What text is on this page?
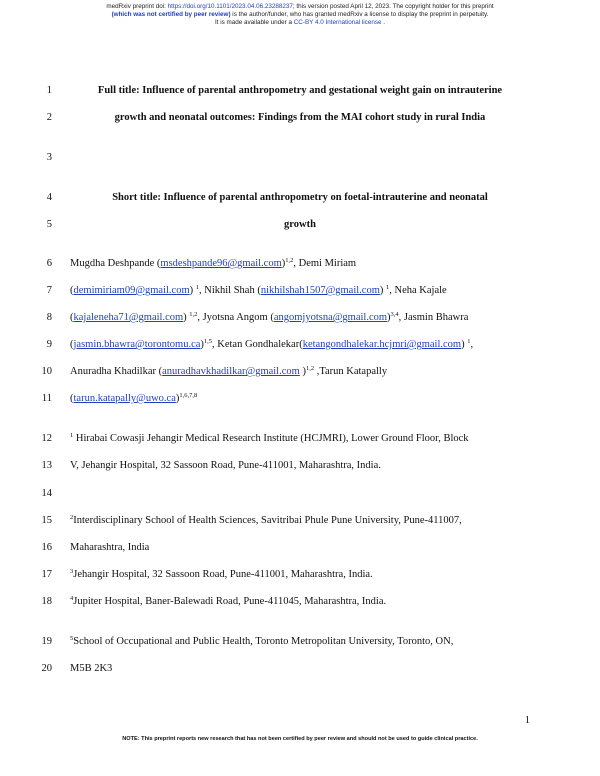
medRxiv preprint doi: https://doi.org/10.1101/2023.04.06.23288237; this version posted April 12, 2023. The copyright holder for this preprint
(which was not certified by peer review) is the author/funder, who has granted medRxiv a license to display the preprint in perpetuity.
It is made available under a CC-BY 4.0 International license .
1	Full title: Influence of parental anthropometry and gestational weight gain on intrauterine
2	growth and neonatal outcomes: Findings from the MAI cohort study in rural India
3
4	Short title: Influence of parental anthropometry on foetal-intrauterine and neonatal
5	growth
6 Mugdha Deshpande (msdeshpande96@gmail.com)$^{1,2}$, Demi Miriam
7 (demimiriam09@gmail.com) $^1$, Nikhil Shah (nikhilshah1507@gmail.com) $^1$, Neha Kajale
8 (kajaleneha71@gmail.com) $^{1,2}$, Jyotsna Angom (angomjyotsna@gmail.com)$^{3,4}$, Jasmin Bhawra
9 (jasmin.bhawra@torontomu.ca)$^{1,5}$, Ketan Gondhalekar(ketangondhalekar.hcjmri@gmail.com) $^1$,
10 Anuradha Khadilkar (anuradhavkhadilkar@gmail.com )$^{1,2}$ ,Tarun Katapally
11 (tarun.katapally@uwo.ca)$^{1,6,7,8}$
12	$^1$ Hirabai Cowasji Jehangir Medical Research Institute (HCJMRI), Lower Ground Floor, Block
13 V, Jehangir Hospital, 32 Sassoon Road, Pune-411001, Maharashtra, India.
14
15	$^2$Interdisciplinary School of Health Sciences, Savitribai Phule Pune University, Pune-411007,
16 Maharashtra, India
17	$^3$Jehangir Hospital, 32 Sassoon Road, Pune-411001, Maharashtra, India.
18	$^4$Jupiter Hospital, Baner-Balewadi Road, Pune-411045, Maharashtra, India.
19	$^5$School of Occupational and Public Health, Toronto Metropolitan University, Toronto, ON,
20 M5B 2K3
1
NOTE: This preprint reports new research that has not been certified by peer review and should not be used to guide clinical practice.
